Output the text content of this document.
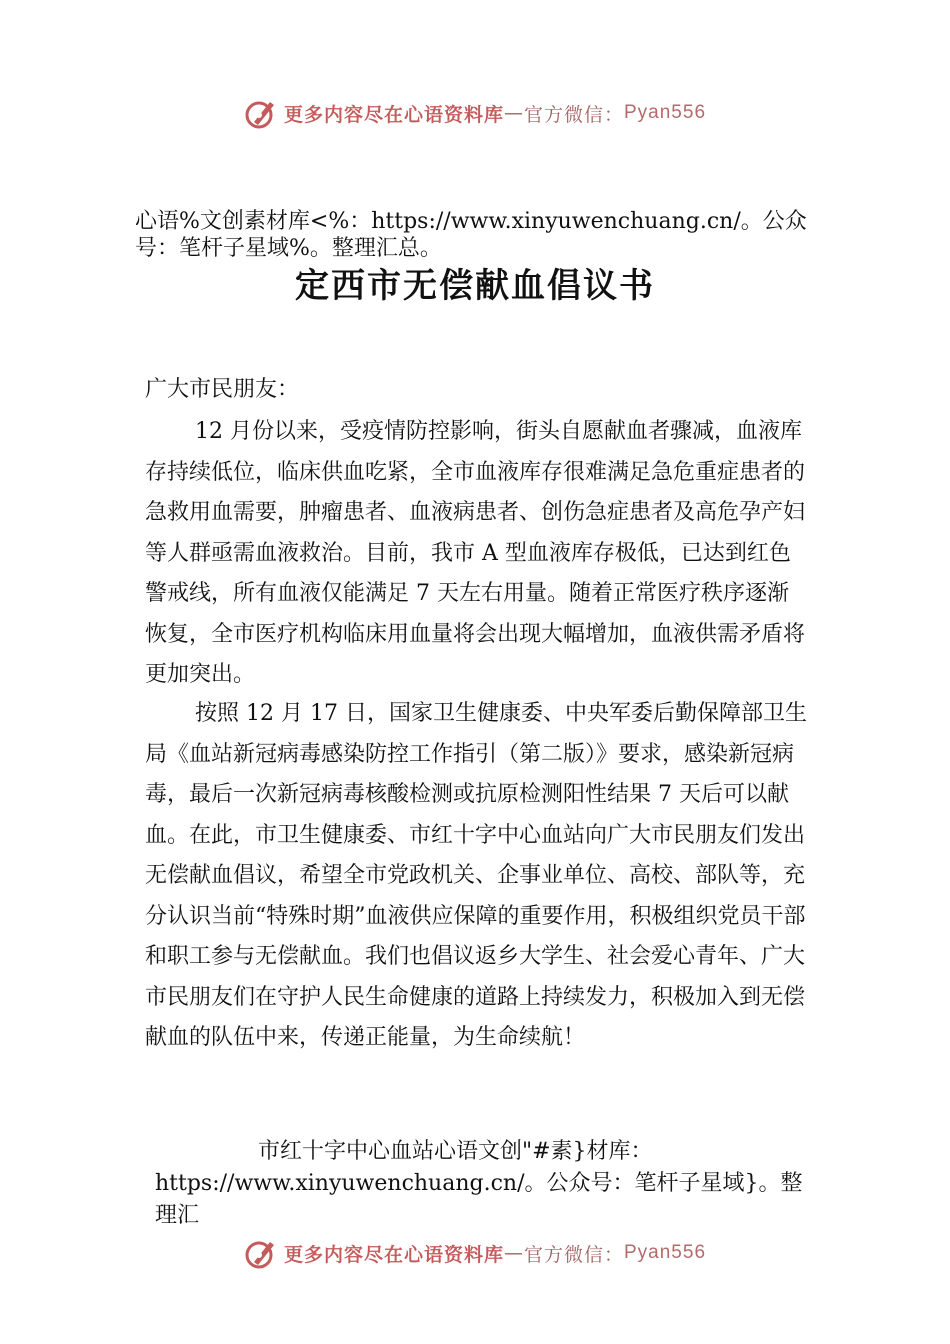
更多内容尽在心语资料库 — 官方微信： Pyan556
心语%文创素材库<%：https://www.xinyuwenchuang.cn/。公众号：笔杆子星域%。整理汇总。
定西市无偿献血倡议书
广大市民朋友：
12 月份以来，受疫情防控影响，街头自愿献血者骤减，血液库存持续低位，临床供血吃紧，全市血液库存很难满足急危重症患者的急救用血需要，肿瘤患者、血液病患者、创伤急症患者及高危孕产妇等人群亟需血液救治。目前，我市 A 型血液库存极低，已达到红色警戒线，所有血液仅能满足 7 天左右用量。随着正常医疗秩序逐渐恢复，全市医疗机构临床用血量将会出现大幅增加，血液供需矛盾将更加突出。
按照 12 月 17 日，国家卫生健康委、中央军委后勤保障部卫生局《血站新冠病毒感染防控工作指引（第二版）》要求，感染新冠病毒，最后一次新冠病毒核酸检测或抗原检测阳性结果 7 天后可以献血。在此，市卫生健康委、市红十字中心血站向广大市民朋友们发出无偿献血倡议，希望全市党政机关、企事业单位、高校、部队等，充分认识当前“特殊时期”血液供应保障的重要作用，积极组织党员干部和职工参与无偿献血。我们也倡议返乡大学生、社会爱心青年、广大市民朋友们在守护人民生命健康的道路上持续发力，积极加入到无偿献血的队伍中来，传递正能量，为生命续航！
市红十字中心血站心语文创"#素}材库：https://www.xinyuwenchuang.cn/。公众号：笔杆子星域}。整理汇
更多内容尽在心语资料库 — 官方微信： Pyan556
